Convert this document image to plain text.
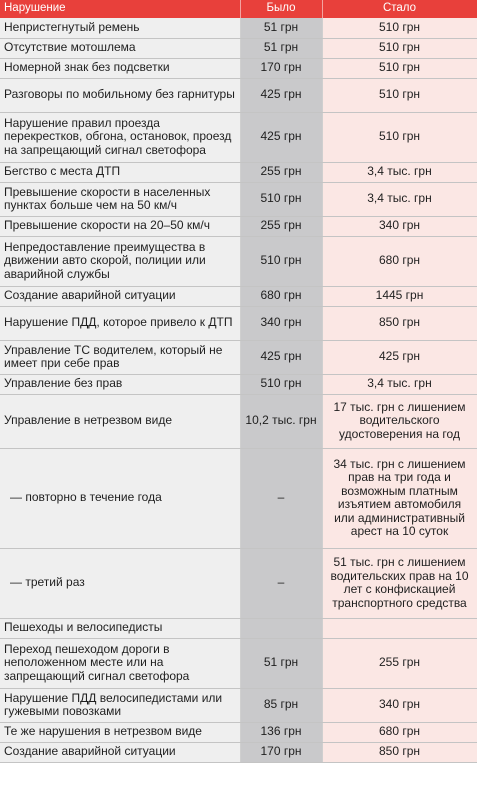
Нарушение	Было	Стало
Непристегнутый ремень	51 грн	510 грн
Отсутствие мотошлема	51 грн	510 грн
Номерной знак без подсветки	170 грн	510 грн
Разговоры по мобильному без гарнитуры	425 грн	510 грн
Нарушение правил проезда перекрестков, обгона, остановок, проезд на запрещающий сигнал светофора	425 грн	510 грн
Бегство с места ДТП	255 грн	3,4 тыс. грн
Превышение скорости в населенных пунктах больше чем на 50 км/ч	510 грн	3,4 тыс. грн
Превышение скорости на 20–50 км/ч	255 грн	340 грн
Непредоставление преимущества в движении авто скорой, полиции или аварийной службы	510 грн	680 грн
Создание аварийной ситуации	680 грн	1445 грн
Нарушение ПДД, которое привело к ДТП	340 грн	850 грн
Управление ТС водителем, который не имеет при себе прав	425 грн	425 грн
Управление без прав	510 грн	3,4 тыс. грн
Управление в нетрезвом виде	10,2 тыс. грн	17 тыс. грн с лишением водительского удостоверения на год
— повторно в течение года	–	34 тыс. грн с лишением прав на три года и возможным платным изъятием автомобиля или административный арест на 10 суток
— третий раз	–	51 тыс. грн с лишением водительских прав на 10 лет с конфискацией транспортного средства
Пешеходы и велосипедисты		
Переход пешеходом дороги в неположенном месте или на запрещающий сигнал светофора	51 грн	255 грн
Нарушение ПДД велосипедистами или гужевыми повозками	85 грн	340 грн
Те же нарушения в нетрезвом виде	136 грн	680 грн
Создание аварийной ситуации	170 грн	850 грн
